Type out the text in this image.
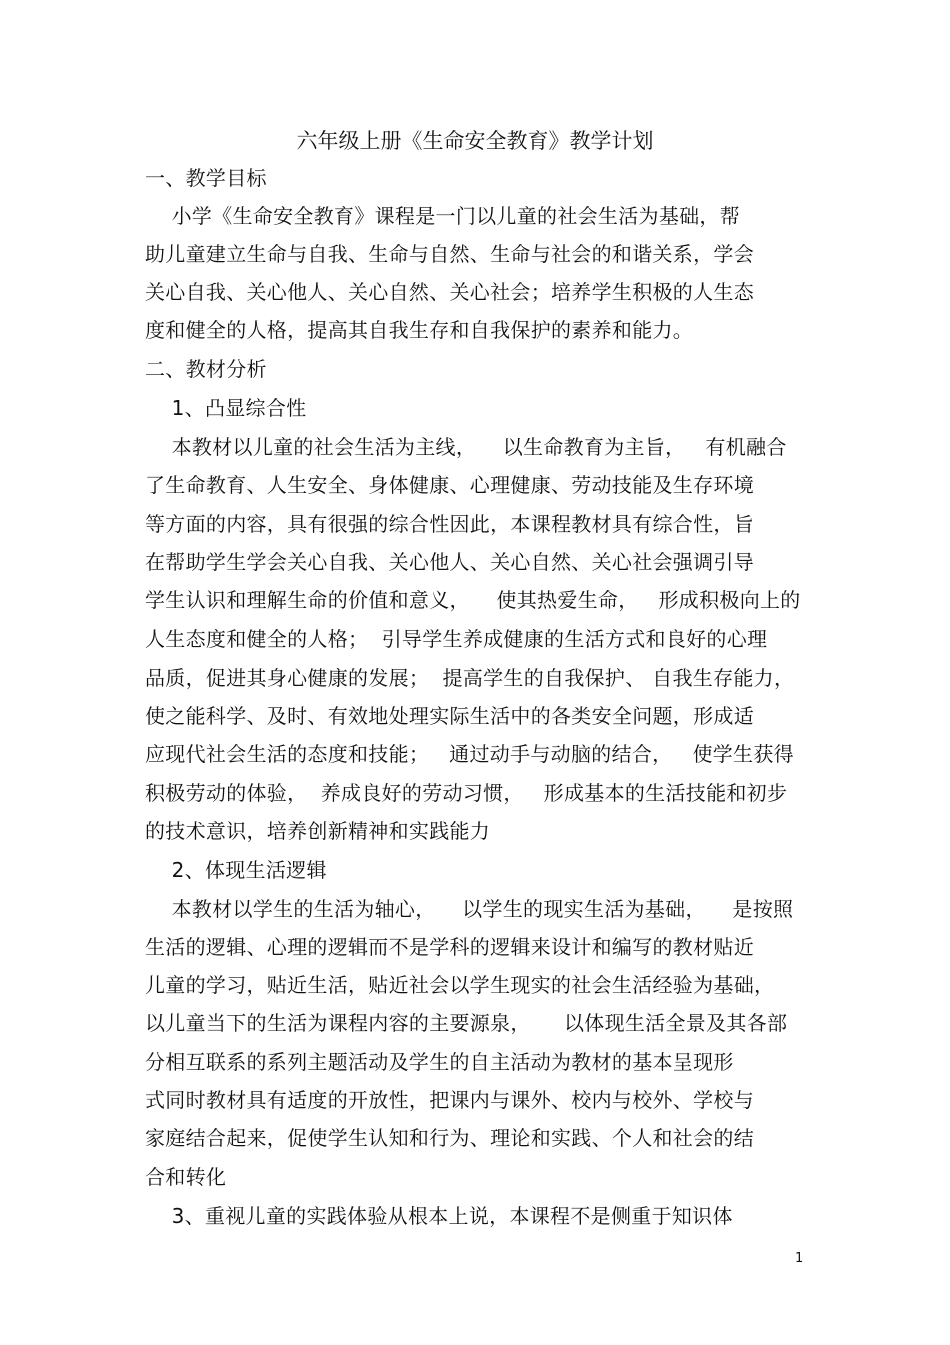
六年级上册《生命安全教育》教学计划
一、教学目标
小学《生命安全教育》课程是一门以儿童的社会生活为基础，帮
助儿童建立生命与自我、生命与自然、生命与社会的和谐关系，学会
关心自我、关心他人、关心自然、关心社会；培养学生积极的人生态
度和健全的人格，提高其自我生存和自我保护的素养和能力。
二、教材分析
1、凸显综合性
本教材以儿童的社会生活为主线，    以生命教育为主旨，   有机融合
了生命教育、人生安全、身体健康、心理健康、劳动技能及生存环境
等方面的内容，具有很强的综合性因此，本课程教材具有综合性，旨
在帮助学生学会关心自我、关心他人、关心自然、关心社会强调引导
学生认识和理解生命的价值和意义，    使其热爱生命，   形成积极向上的
人生态度和健全的人格；  引导学生养成健康的生活方式和良好的心理
品质，促进其身心健康的发展；  提高学生的自我保护、 自我生存能力，
使之能科学、及时、有效地处理实际生活中的各类安全问题，形成适
应现代社会生活的态度和技能；   通过动手与动脑的结合，   使学生获得
积极劳动的体验，  养成良好的劳动习惯，   形成基本的生活技能和初步
的技术意识，培养创新精神和实践能力
2、体现生活逻辑
本教材以学生的生活为轴心，    以学生的现实生活为基础，    是按照
生活的逻辑、心理的逻辑而不是学科的逻辑来设计和编写的教材贴近
儿童的学习，贴近生活，贴近社会以学生现实的社会生活经验为基础，
以儿童当下的生活为课程内容的主要源泉，     以体现生活全景及其各部
分相互联系的系列主题活动及学生的自主活动为教材的基本呈现形
式同时教材具有适度的开放性，把课内与课外、校内与校外、学校与
家庭结合起来，促使学生认知和行为、理论和实践、个人和社会的结
合和转化
3、重视儿童的实践体验从根本上说，本课程不是侧重于知识体
1
